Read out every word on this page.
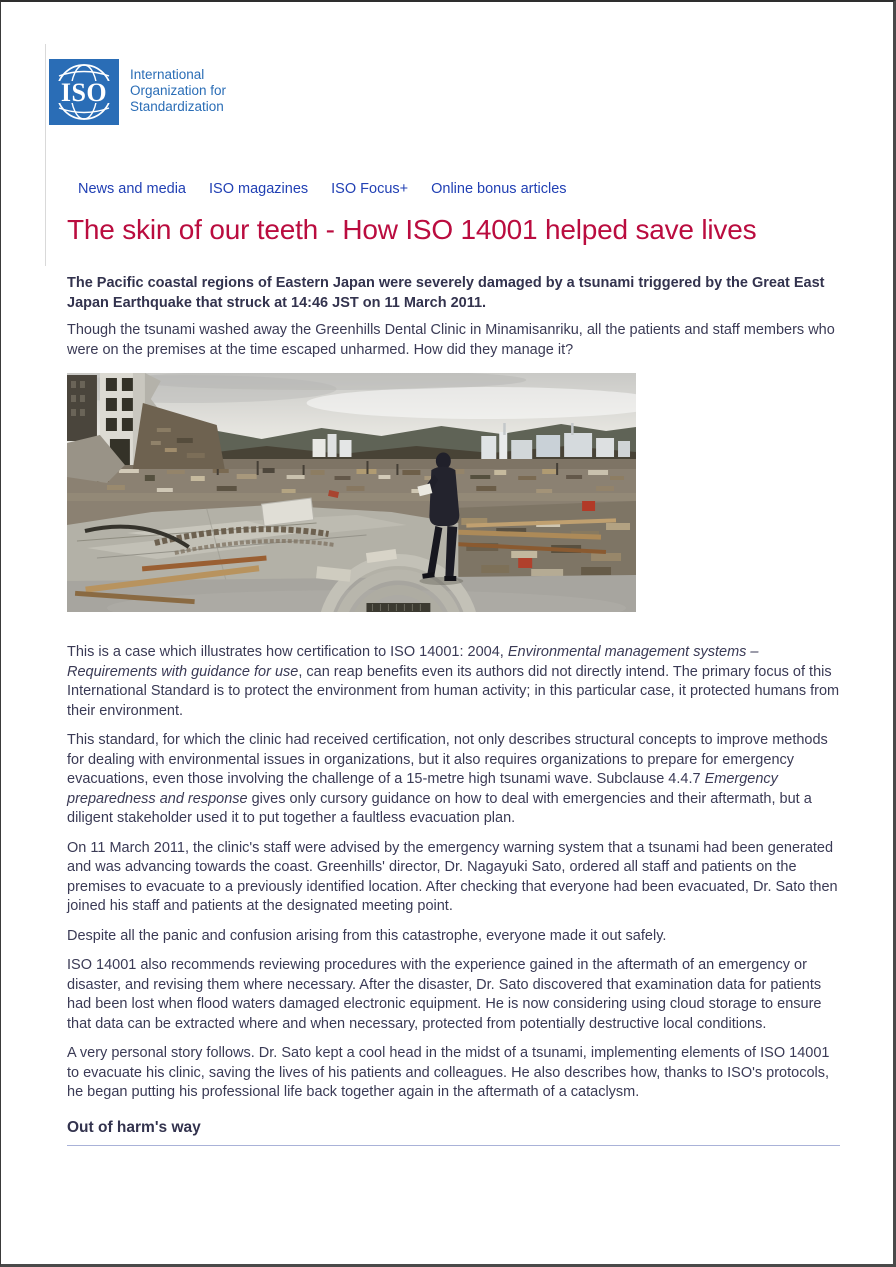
ISO
International
Organization for
Standardization
News and media ISO magazines ISO Focus+ Online bonus articles
The skin of our teeth - How ISO 14001 helped save lives

The Pacific coastal regions of Eastern Japan were severely damaged by a tsunami triggered by the Great East Japan Earthquake that struck at 14:46 JST on 11 March 2011.

Though the tsunami washed away the Greenhills Dental Clinic in Minamisanriku, all the patients and staff members who were on the premises at the time escaped unharmed. How did they manage it?

This is a case which illustrates how certification to ISO 14001: 2004, Environmental management systems – Requirements with guidance for use, can reap benefits even its authors did not directly intend. The primary focus of this International Standard is to protect the environment from human activity; in this particular case, it protected humans from their environment.

This standard, for which the clinic had received certification, not only describes structural concepts to improve methods for dealing with environmental issues in organizations, but it also requires organizations to prepare for emergency evacuations, even those involving the challenge of a 15-metre high tsunami wave. Subclause 4.4.7 Emergency preparedness and response gives only cursory guidance on how to deal with emergencies and their aftermath, but a diligent stakeholder used it to put together a faultless evacuation plan.

On 11 March 2011, the clinic's staff were advised by the emergency warning system that a tsunami had been generated and was advancing towards the coast. Greenhills' director, Dr. Nagayuki Sato, ordered all staff and patients on the premises to evacuate to a previously identified location. After checking that everyone had been evacuated, Dr. Sato then joined his staff and patients at the designated meeting point.

Despite all the panic and confusion arising from this catastrophe, everyone made it out safely.

ISO 14001 also recommends reviewing procedures with the experience gained in the aftermath of an emergency or disaster, and revising them where necessary. After the disaster, Dr. Sato discovered that examination data for patients had been lost when flood waters damaged electronic equipment. He is now considering using cloud storage to ensure that data can be extracted where and when necessary, protected from potentially destructive local conditions.

A very personal story follows. Dr. Sato kept a cool head in the midst of a tsunami, implementing elements of ISO 14001 to evacuate his clinic, saving the lives of his patients and colleagues. He also describes how, thanks to ISO's protocols, he began putting his professional life back together again in the aftermath of a cataclysm.

Out of harm's way
